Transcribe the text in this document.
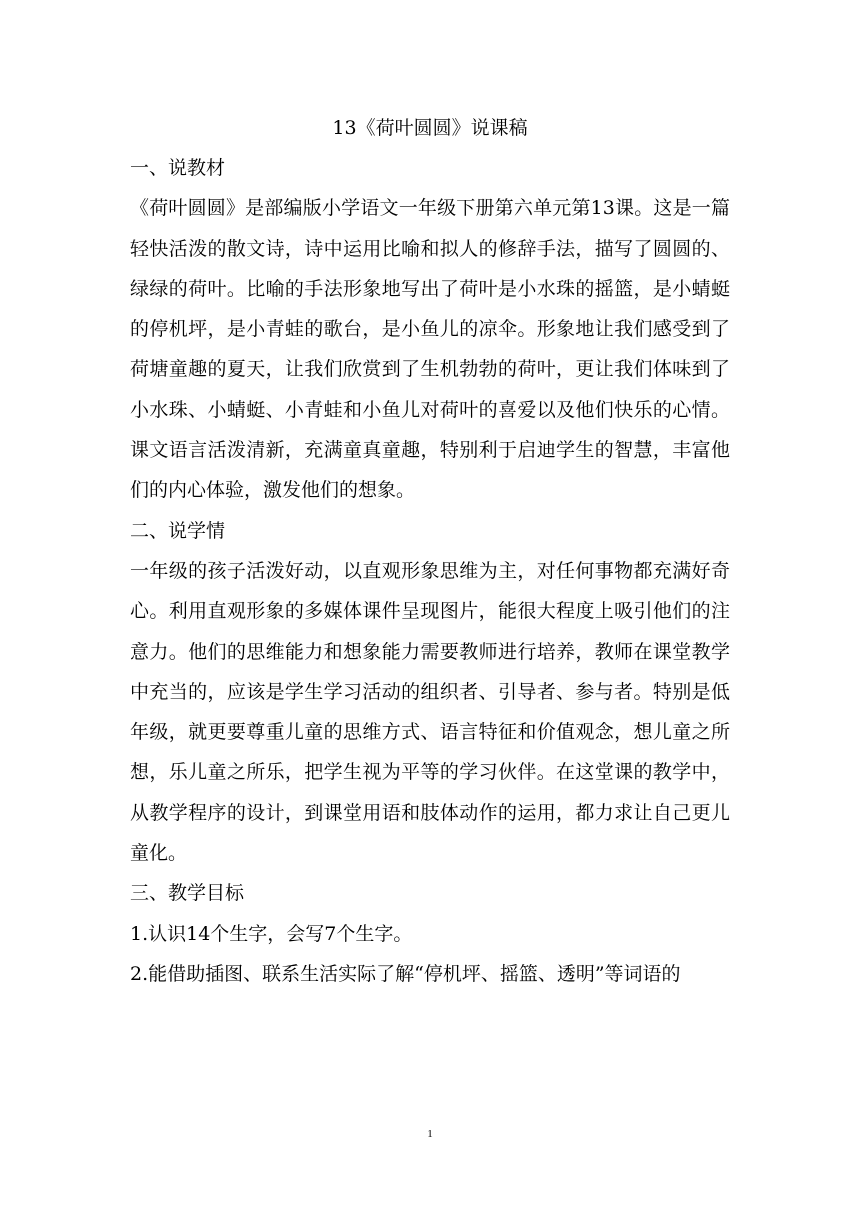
13《荷叶圆圆》说课稿

一、说教材

《荷叶圆圆》是部编版小学语文一年级下册第六单元第13课。这是一篇轻快活泼的散文诗，诗中运用比喻和拟人的修辞手法，描写了圆圆的、绿绿的荷叶。比喻的手法形象地写出了荷叶是小水珠的摇篮，是小蜻蜓的停机坪，是小青蛙的歌台，是小鱼儿的凉伞。形象地让我们感受到了荷塘童趣的夏天，让我们欣赏到了生机勃勃的荷叶，更让我们体味到了小水珠、小蜻蜓、小青蛙和小鱼儿对荷叶的喜爱以及他们快乐的心情。课文语言活泼清新，充满童真童趣，特别利于启迪学生的智慧，丰富他们的内心体验，激发他们的想象。

二、说学情

一年级的孩子活泼好动，以直观形象思维为主，对任何事物都充满好奇心。利用直观形象的多媒体课件呈现图片，能很大程度上吸引他们的注意力。他们的思维能力和想象能力需要教师进行培养，教师在课堂教学中充当的，应该是学生学习活动的组织者、引导者、参与者。特别是低年级，就更要尊重儿童的思维方式、语言特征和价值观念，想儿童之所想，乐儿童之所乐，把学生视为平等的学习伙伴。在这堂课的教学中，从教学程序的设计，到课堂用语和肢体动作的运用，都力求让自己更儿童化。

三、教学目标

1.认识14个生字，会写7个生字。

2.能借助插图、联系生活实际了解“停机坪、摇篮、透明”等词语的

1
